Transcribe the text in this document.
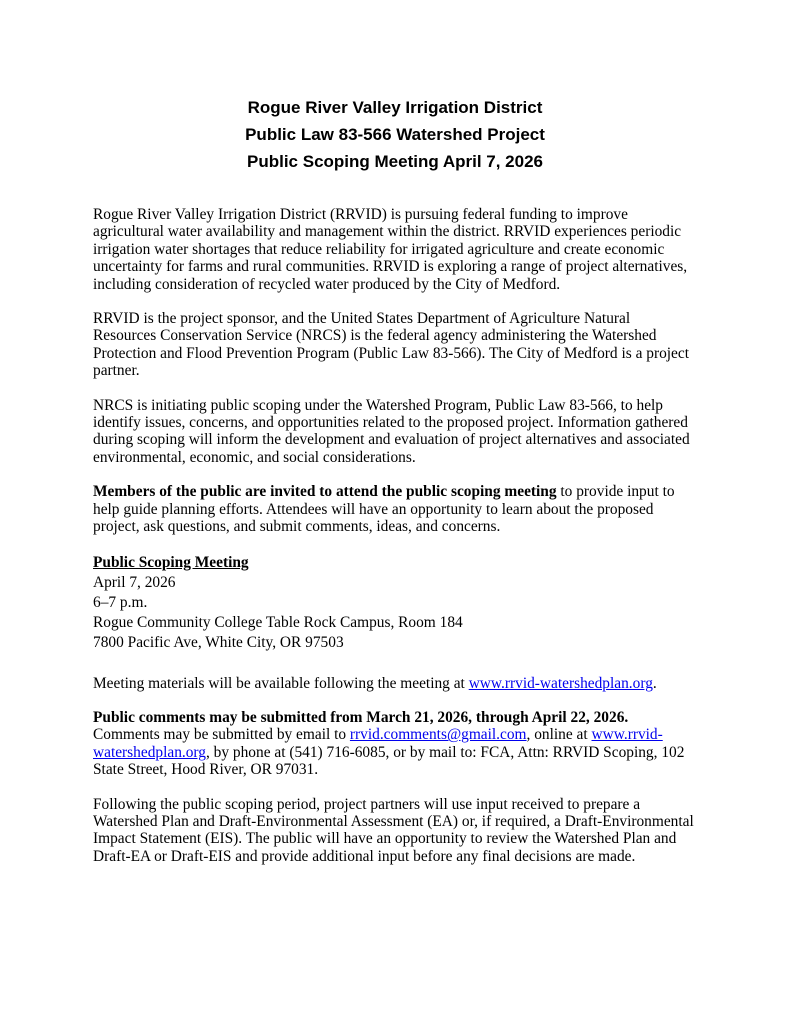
Rogue River Valley Irrigation District
Public Law 83-566 Watershed Project
Public Scoping Meeting April 7, 2026
Rogue River Valley Irrigation District (RRVID) is pursuing federal funding to improve agricultural water availability and management within the district. RRVID experiences periodic irrigation water shortages that reduce reliability for irrigated agriculture and create economic uncertainty for farms and rural communities. RRVID is exploring a range of project alternatives, including consideration of recycled water produced by the City of Medford.
RRVID is the project sponsor, and the United States Department of Agriculture Natural Resources Conservation Service (NRCS) is the federal agency administering the Watershed Protection and Flood Prevention Program (Public Law 83-566). The City of Medford is a project partner.
NRCS is initiating public scoping under the Watershed Program, Public Law 83-566, to help identify issues, concerns, and opportunities related to the proposed project. Information gathered during scoping will inform the development and evaluation of project alternatives and associated environmental, economic, and social considerations.
Members of the public are invited to attend the public scoping meeting to provide input to help guide planning efforts. Attendees will have an opportunity to learn about the proposed project, ask questions, and submit comments, ideas, and concerns.
Public Scoping Meeting
April 7, 2026
6–7 p.m.
Rogue Community College Table Rock Campus, Room 184
7800 Pacific Ave, White City, OR 97503
Meeting materials will be available following the meeting at www.rrvid-watershedplan.org.
Public comments may be submitted from March 21, 2026, through April 22, 2026.
Comments may be submitted by email to rrvid.comments@gmail.com, online at www.rrvid-watershedplan.org, by phone at (541) 716-6085, or by mail to: FCA, Attn: RRVID Scoping, 102 State Street, Hood River, OR 97031.
Following the public scoping period, project partners will use input received to prepare a Watershed Plan and Draft-Environmental Assessment (EA) or, if required, a Draft-Environmental Impact Statement (EIS). The public will have an opportunity to review the Watershed Plan and Draft-EA or Draft-EIS and provide additional input before any final decisions are made.
